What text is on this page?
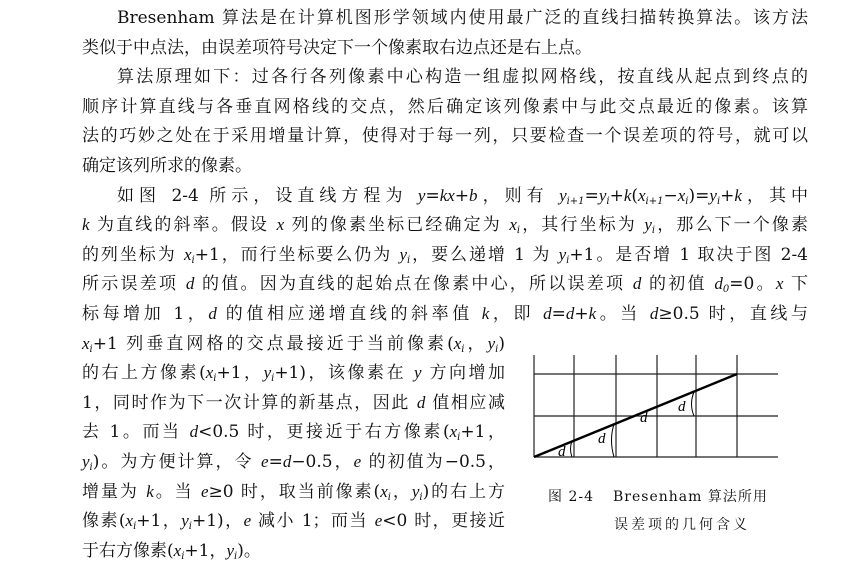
Bresenham 算法是在计算机图形学领域内使用最广泛的直线扫描转换算法。该方法
类似于中点法，由误差项符号决定下一个像素取右边点还是右上点。
算法原理如下：过各行各列像素中心构造一组虚拟网格线，按直线从起点到终点的
顺序计算直线与各垂直网格线的交点，然后确定该列像素中与此交点最近的像素。该算
法的巧妙之处在于采用增量计算，使得对于每一列，只要检查一个误差项的符号，就可以
确定该列所求的像素。
如图 2-4 所示，设直线方程为 y=kx+b，则有 $y_{i+1}=y_i+k(x_{i+1}-x_i)=y_i+k$，其中
k 为直线的斜率。假设 x 列的像素坐标已经确定为 $x_i$，其行坐标为 $y_i$，那么下一个像素
的列坐标为 $x_i+1$，而行坐标要么仍为 $y_i$，要么递增 1 为 $y_i+1$。是否增 1 取决于图 2-4
所示误差项 d 的值。因为直线的起始点在像素中心，所以误差项 d 的初值 $d_0=0$。x 下
标每增加 1，d 的值相应递增直线的斜率值 k，即 d=d+k。当 d≥0.5 时，直线与
$x_i+1$ 列垂直网格的交点最接近于当前像素($x_i$，$y_i$)
的右上方像素($x_i+1$，$y_i+1$)，该像素在 y 方向增加
1，同时作为下一次计算的新基点，因此 d 值相应减
去 1。而当 d<0.5 时，更接近于右方像素($x_i+1$，
$y_i$)。为方便计算，令 e=d−0.5，e 的初值为−0.5，
增量为 k。当 e≥0 时，取当前像素($x_i$，$y_i$)的右上方
像素($x_i+1$，$y_i+1$)，e 减小 1；而当 e<0 时，更接近
于右方像素($x_i+1$，$y_i$)。
d
d
d
d
图 2-4 Bresenham 算法所用
误差项的几何含义
